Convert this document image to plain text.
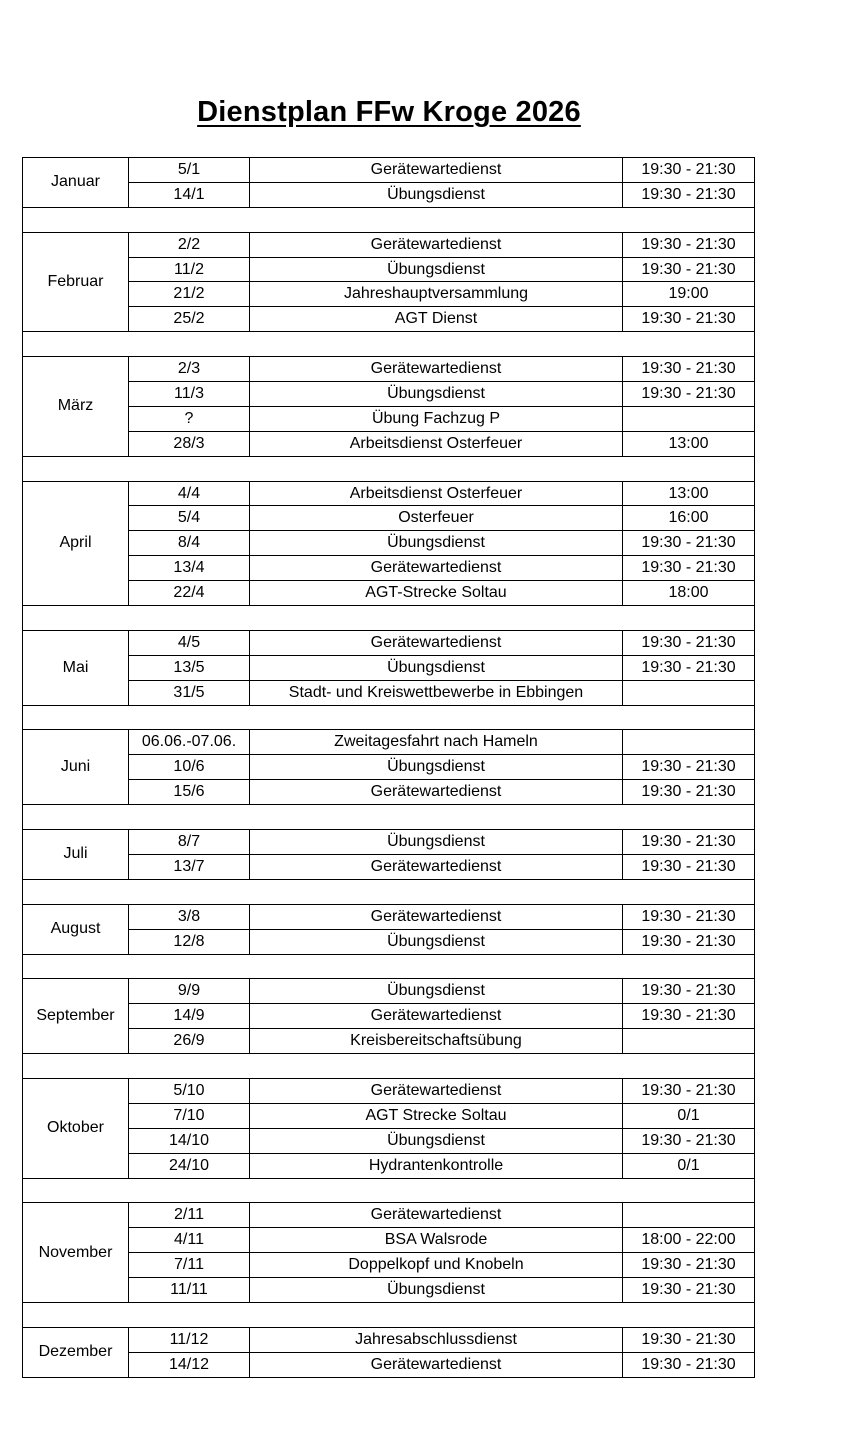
Dienstplan FFw Kroge 2026
Januar	5/1	Gerätewartedienst	19:30 - 21:30
	14/1	Übungsdienst	19:30 - 21:30

Februar	2/2	Gerätewartedienst	19:30 - 21:30
	11/2	Übungsdienst	19:30 - 21:30
	21/2	Jahreshauptversammlung	19:00
	25/2	AGT Dienst	19:30 - 21:30

März	2/3	Gerätewartedienst	19:30 - 21:30
	11/3	Übungsdienst	19:30 - 21:30
	?	Übung Fachzug P	
	28/3	Arbeitsdienst Osterfeuer	13:00

April	4/4	Arbeitsdienst Osterfeuer	13:00
	5/4	Osterfeuer	16:00
	8/4	Übungsdienst	19:30 - 21:30
	13/4	Gerätewartedienst	19:30 - 21:30
	22/4	AGT-Strecke Soltau	18:00

Mai	4/5	Gerätewartedienst	19:30 - 21:30
	13/5	Übungsdienst	19:30 - 21:30
	31/5	Stadt- und Kreiswettbewerbe in Ebbingen	

Juni	06.06.-07.06.	Zweitagesfahrt nach Hameln	
	10/6	Übungsdienst	19:30 - 21:30
	15/6	Gerätewartedienst	19:30 - 21:30

Juli	8/7	Übungsdienst	19:30 - 21:30
	13/7	Gerätewartedienst	19:30 - 21:30

August	3/8	Gerätewartedienst	19:30 - 21:30
	12/8	Übungsdienst	19:30 - 21:30

September	9/9	Übungsdienst	19:30 - 21:30
	14/9	Gerätewartedienst	19:30 - 21:30
	26/9	Kreisbereitschaftsübung	

Oktober	5/10	Gerätewartedienst	19:30 - 21:30
	7/10	AGT Strecke Soltau	0/1
	14/10	Übungsdienst	19:30 - 21:30
	24/10	Hydrantenkontrolle	0/1

November	2/11	Gerätewartedienst	
	4/11	BSA Walsrode	18:00 - 22:00
	7/11	Doppelkopf und Knobeln	19:30 - 21:30
	11/11	Übungsdienst	19:30 - 21:30

Dezember	11/12	Jahresabschlussdienst	19:30 - 21:30
	14/12	Gerätewartedienst	19:30 - 21:30
